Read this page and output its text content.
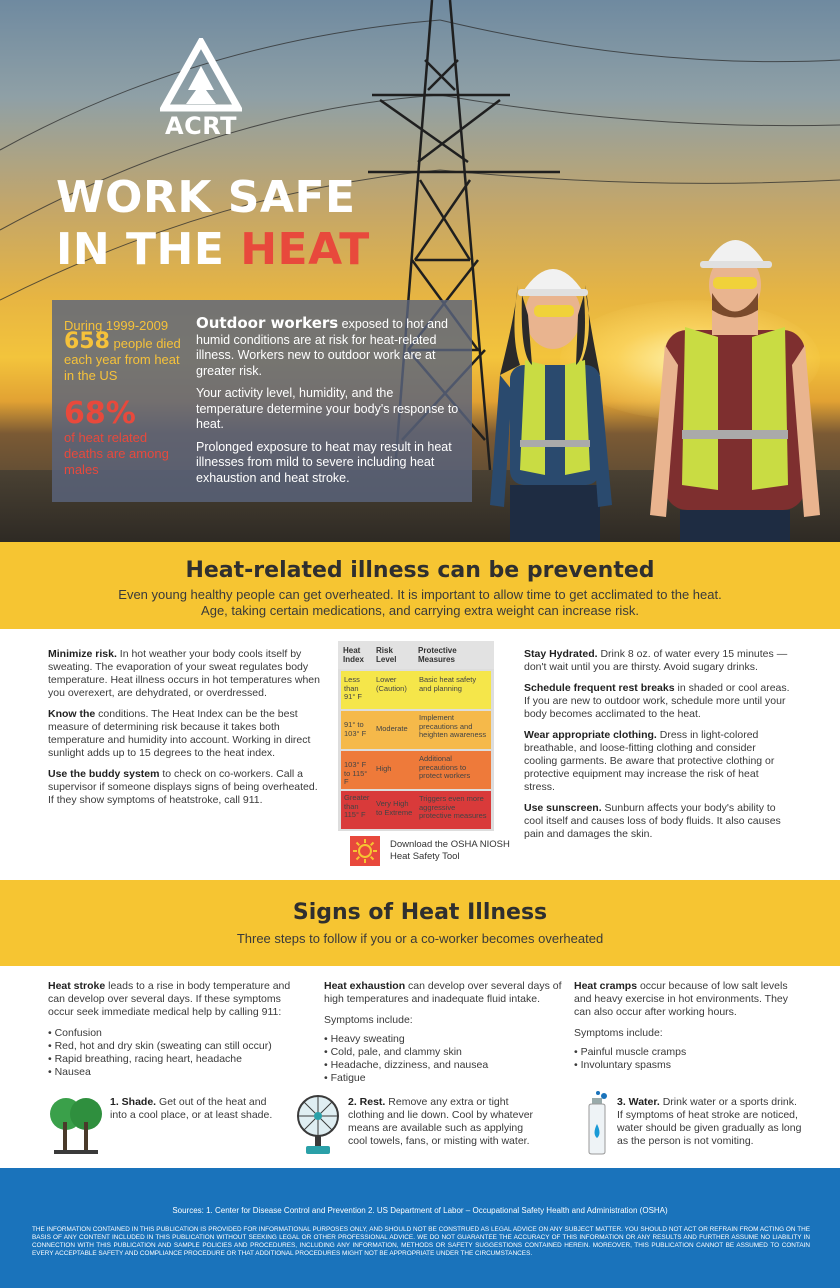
ACRT
WORK SAFE
IN THE HEAT
During 1999-2009
658 people died each year from heat in the US
68%
of heat related deaths are among males

Outdoor workers exposed to hot and humid conditions are at risk for heat-related illness. Workers new to outdoor work are at greater risk.

Your activity level, humidity, and the temperature determine your body's response to heat.

Prolonged exposure to heat may result in heat illnesses from mild to severe including heat exhaustion and heat stroke.

Heat-related illness can be prevented

Even young healthy people can get overheated. It is important to allow time to get acclimated to the heat.

Age, taking certain medications, and carrying extra weight can increase risk.

Minimize risk. In hot weather your body cools itself by sweating. The evaporation of your sweat regulates body temperature. Heat illness occurs in hot temperatures when you overexert, are dehydrated, or overdressed.

Know the conditions. The Heat Index can be the best measure of determining risk because it takes both temperature and humidity into account. Working in direct sunlight adds up to 15 degrees to the heat index.

Use the buddy system to check on co-workers. Call a supervisor if someone displays signs of being overheated. If they show symptoms of heatstroke, call 911.

Heat Index
Risk Level
Protective Measures
Less than 91° F
Lower (Caution)
Basic heat safety and planning
91° to 103° F	Moderate
Implement precautions and heighten awareness
103° F to 115° F
High
Additional precautions to protect workers
Greater than 115° F
Very High to Extreme
Triggers even more aggressive protective measures
Download the OSHA NIOSH Heat Safety Tool

Stay Hydrated. Drink 8 oz. of water every 15 minutes — don't wait until you are thirsty. Avoid sugary drinks.

Schedule frequent rest breaks in shaded or cool areas. If you are new to outdoor work, schedule more until your body becomes acclimated to the heat.

Wear appropriate clothing. Dress in light-colored breathable, and loose-fitting clothing and consider cooling garments. Be aware that protective clothing or protective equipment may increase the risk of heat stress.

Use sunscreen. Sunburn affects your body's ability to cool itself and causes loss of body fluids. It also causes pain and damages the skin.

Signs of Heat Illness

Three steps to follow if you or a co-worker becomes overheated

Heat stroke leads to a rise in body temperature and can develop over several days. If these symptoms occur seek immediate medical help by calling 911:

• Confusion
• Red, hot and dry skin (sweating can still occur)
• Rapid breathing, racing heart, headache
• Nausea

Heat exhaustion can develop over several days of high temperatures and inadequate fluid intake.

Symptoms include:

• Heavy sweating
• Cold, pale, and clammy skin
• Headache, dizziness, and nausea
• Fatigue

Heat cramps occur because of low salt levels and heavy exercise in hot environments. They can also occur after working hours.

Symptoms include:

• Painful muscle cramps
• Involuntary spasms
1. Shade. Get out of the heat and into a cool place, or at least shade.
2. Rest. Remove any extra or tight clothing and lie down. Cool by whatever means are available such as applying cool towels, fans, or misting with water.
3. Water. Drink water or a sports drink. If symptoms of heat stroke are noticed, water should be given gradually as long as the person is not vomiting.
Sources: 1. Center for Disease Control and Prevention 2. US Department of Labor – Occupational Safety Health and Administration (OSHA)
THE INFORMATION CONTAINED IN THIS PUBLICATION IS PROVIDED FOR INFORMATIONAL PURPOSES ONLY, AND SHOULD NOT BE CONSTRUED AS LEGAL ADVICE ON ANY SUBJECT MATTER. YOU SHOULD NOT ACT OR REFRAIN FROM ACTING ON THE BASIS OF ANY CONTENT INCLUDED IN THIS PUBLICATION WITHOUT SEEKING LEGAL OR OTHER PROFESSIONAL ADVICE. WE DO NOT GUARANTEE THE ACCURACY OF THIS INFORMATION OR ANY RESULTS AND FURTHER ASSUME NO LIABILITY IN CONNECTION WITH THIS PUBLICATION AND SAMPLE POLICIES AND PROCEDURES, INCLUDING ANY INFORMATION, METHODS OR SAFETY SUGGESTIONS CONTAINED HEREIN. MOREOVER, THIS PUBLICATION CANNOT BE ASSUMED TO CONTAIN EVERY ACCEPTABLE SAFETY AND COMPLIANCE PROCEDURE OR THAT ADDITIONAL PROCEDURES MIGHT NOT BE APPROPRIATE UNDER THE CIRCUMSTANCES.
